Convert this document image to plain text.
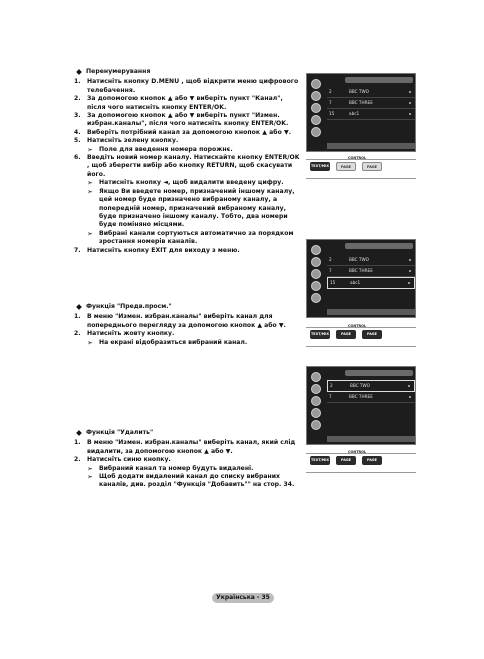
Перенумерування
1.	Натисніть кнопку D.MENU , щоб відкрити меню цифрового телебачення.
2.	За допомогою кнопок ▲ або ▼ виберіть пункт "Канал", після чого натисніть кнопку ENTER/OK.
3.	За допомогою кнопок ▲ або ▼ виберіть пункт "Измен. избран.каналы", після чого натисніть кнопку ENTER/OK.
4.	Виберіть потрібний канал за допомогою кнопок ▲ або ▼.
5.	Натисніть зелену кнопку.
➣ Поле для введення номера порожнє.
6.	Введіть новий номер каналу. Натискайте кнопку ENTER/OK , щоб зберегти вибір або кнопку RETURN, щоб скасувати його.
➣ Натисніть кнопку ◄, щоб видалити введену цифру.
➣ Якщо Ви введете номер, призначений іншому каналу, цей номер буде призначено вибраному каналу, а попередній номер, призначений вибраному каналу, буде призначено іншому каналу. Тобто, два номери буде поміняно місцями.
➣ Вибрані канали сортуються автоматично за порядком зростання номерів каналів.
7.	Натисніть кнопку EXIT для виходу з меню.
Функція "Предв.просм."
1.	В меню "Измен. избран.каналы" виберіть канал для попереднього перегляду за допомогою кнопок ▲ або ▼.
2.	Натисніть жовту кнопку.
➣	На екрані відобразиться вибраний канал.
Функція "Удалить"
1.	В меню "Измен. избран.каналы" виберіть канал, який слід видалити, за допомогою кнопок ▲ або ▼.
2.	Натисніть синю кнопку.
➣	Вибраний канал та номер будуть видалені.
➣	Щоб додати видалений канал до списку вибраних каналів, див. розділ "Функція "Добавить"" на стор. 34.
2	BBC TWO
7	BBC THREE
15	abc1
CONTROL
TEXT/MIX	PAGE	PAGE
2	BBC TWO
7	BBC THREE
15	abc1
CONTROL
TEXT/MIX	PAGE	PAGE
2	BBC TWO
7	BBC THREE
CONTROL
TEXT/MIX	PAGE	PAGE
Українська - 35
